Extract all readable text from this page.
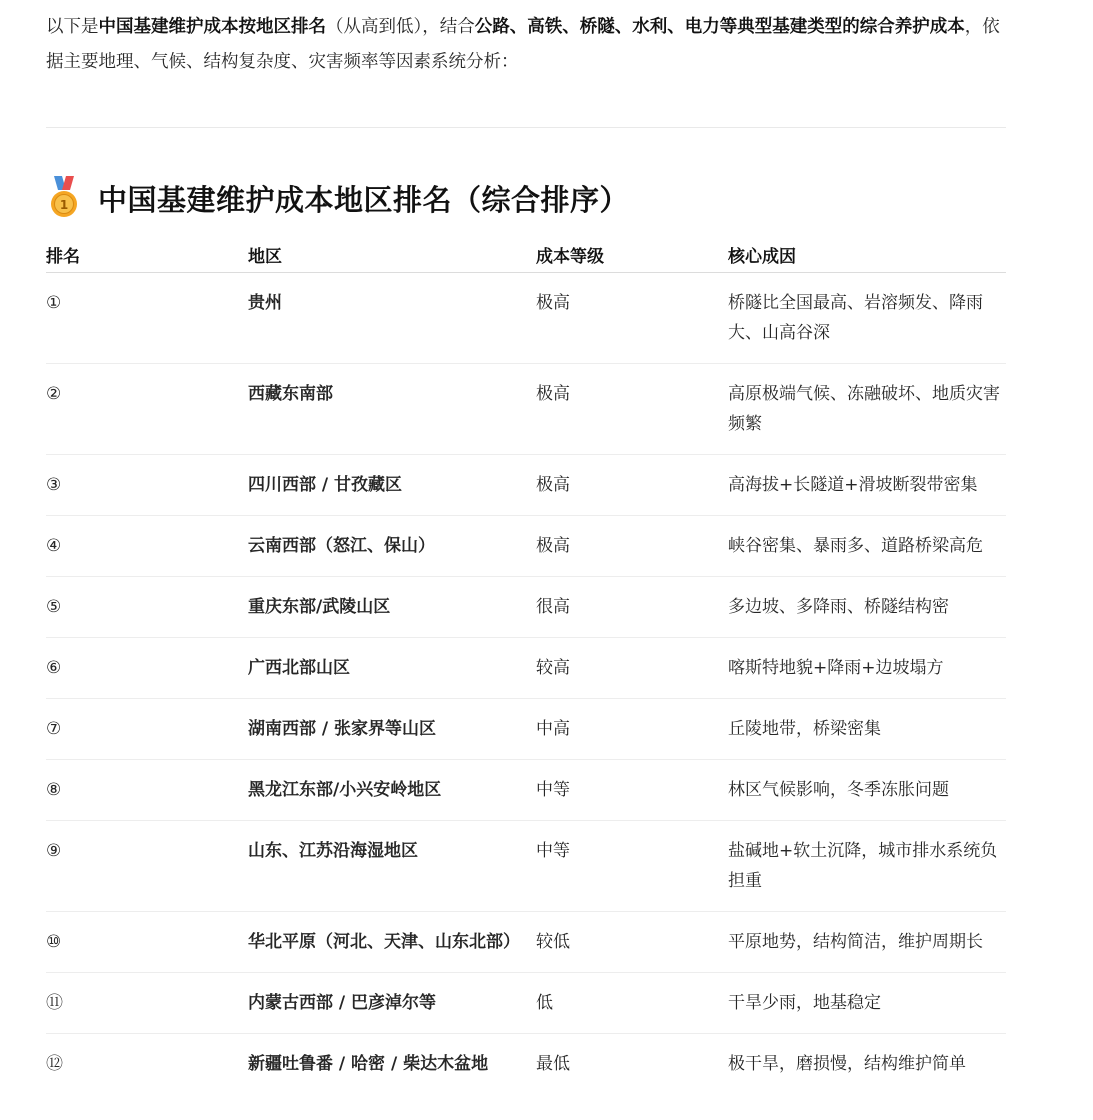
以下是中国基建维护成本按地区排名（从高到低），结合公路、高铁、桥隧、水利、电力等典型基建类型的综合养护成本，依据主要地理、气候、结构复杂度、灾害频率等因素系统分析：

1 中国基建维护成本地区排名（综合排序）
排名	地区	成本等级	核心成因
①	贵州	极高	桥隧比全国最高、岩溶频发、降雨大、山高谷深
②	西藏东南部	极高	高原极端气候、冻融破坏、地质灾害频繁
③	四川西部 / 甘孜藏区	极高	高海拔+长隧道+滑坡断裂带密集
④	云南西部（怒江、保山）	极高	峡谷密集、暴雨多、道路桥梁高危
⑤	重庆东部/武陵山区	很高	多边坡、多降雨、桥隧结构密
⑥	广西北部山区	较高	喀斯特地貌+降雨+边坡塌方
⑦	湖南西部 / 张家界等山区	中高	丘陵地带，桥梁密集
⑧	黑龙江东部/小兴安岭地区	中等	林区气候影响，冬季冻胀问题
⑨	山东、江苏沿海湿地区	中等	盐碱地+软土沉降，城市排水系统负担重
⑩	华北平原（河北、天津、山东北部）	较低	平原地势，结构简洁，维护周期长
⑪	内蒙古西部 / 巴彦淖尔等	低	干旱少雨，地基稳定
⑫	新疆吐鲁番 / 哈密 / 柴达木盆地	最低	极干旱，磨损慢，结构维护简单
